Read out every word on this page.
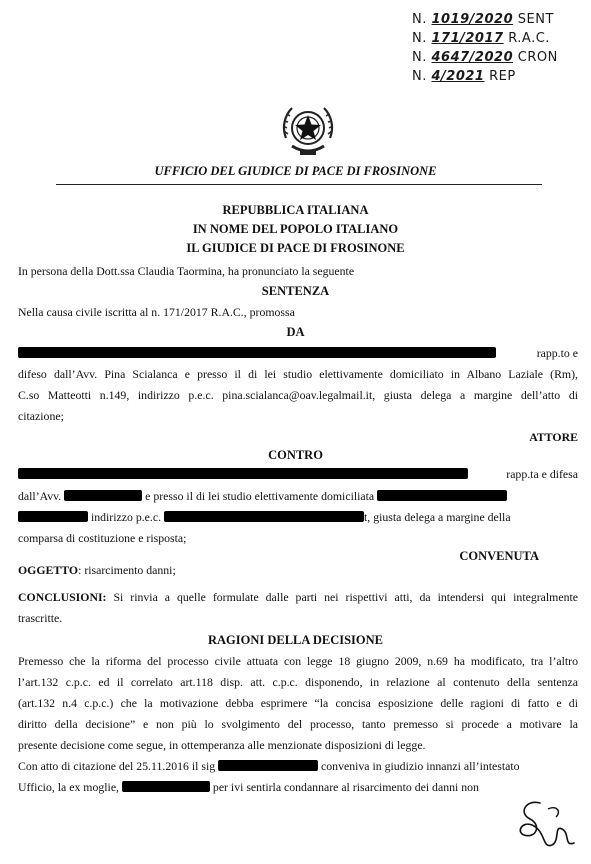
N. 1019/2020 SENT
N. 171/2017 R.A.C.
N. 4647/2020 CRON
N. 4/2021 REP
UFFICIO DEL GIUDICE DI PACE DI FROSINONE
REPUBBLICA ITALIANA
IN NOME DEL POPOLO ITALIANO
IL GIUDICE DI PACE DI FROSINONE
In persona della Dott.ssa Claudia Taormina, ha pronunciato la seguente
SENTENZA
Nella causa civile iscritta al n. 171/2017 R.A.C., promossa
DA
rapp.to e
difeso dall’Avv. Pina Scialanca e presso il di lei studio elettivamente domiciliato in Albano Laziale (Rm),
C.so Matteotti n.149, indirizzo p.e.c. pina.scialanca@oav.legalmail.it, giusta delega a margine dell’atto di
citazione;
ATTORE
CONTRO
rapp.ta e difesa
dall’Avv.	e presso il di lei studio elettivamente domiciliata
indirizzo p.e.c.	t, giusta delega a margine della
comparsa di costituzione e risposta;
CONVENUTA
OGGETTO: risarcimento danni;
CONCLUSIONI: Si rinvia a quelle formulate dalle parti nei rispettivi atti, da intendersi qui integralmente
trascritte.
RAGIONI DELLA DECISIONE
Premesso che la riforma del processo civile attuata con legge 18 giugno 2009, n.69 ha modificato, tra l’altro
l’art.132 c.p.c. ed il correlato art.118 disp. att. c.p.c. disponendo, in relazione al contenuto della sentenza
(art.132 n.4 c.p.c.) che la motivazione debba esprimere “la concisa esposizione delle ragioni di fatto e di
diritto della decisione” e non più lo svolgimento del processo, tanto premesso si procede a motivare la
presente decisione come segue, in ottemperanza alle menzionate disposizioni di legge.
Con atto di citazione del 25.11.2016 il sig	conveniva in giudizio innanzi all’intestato
Ufficio, la ex moglie,	per ivi sentirla condannare al risarcimento dei danni non
